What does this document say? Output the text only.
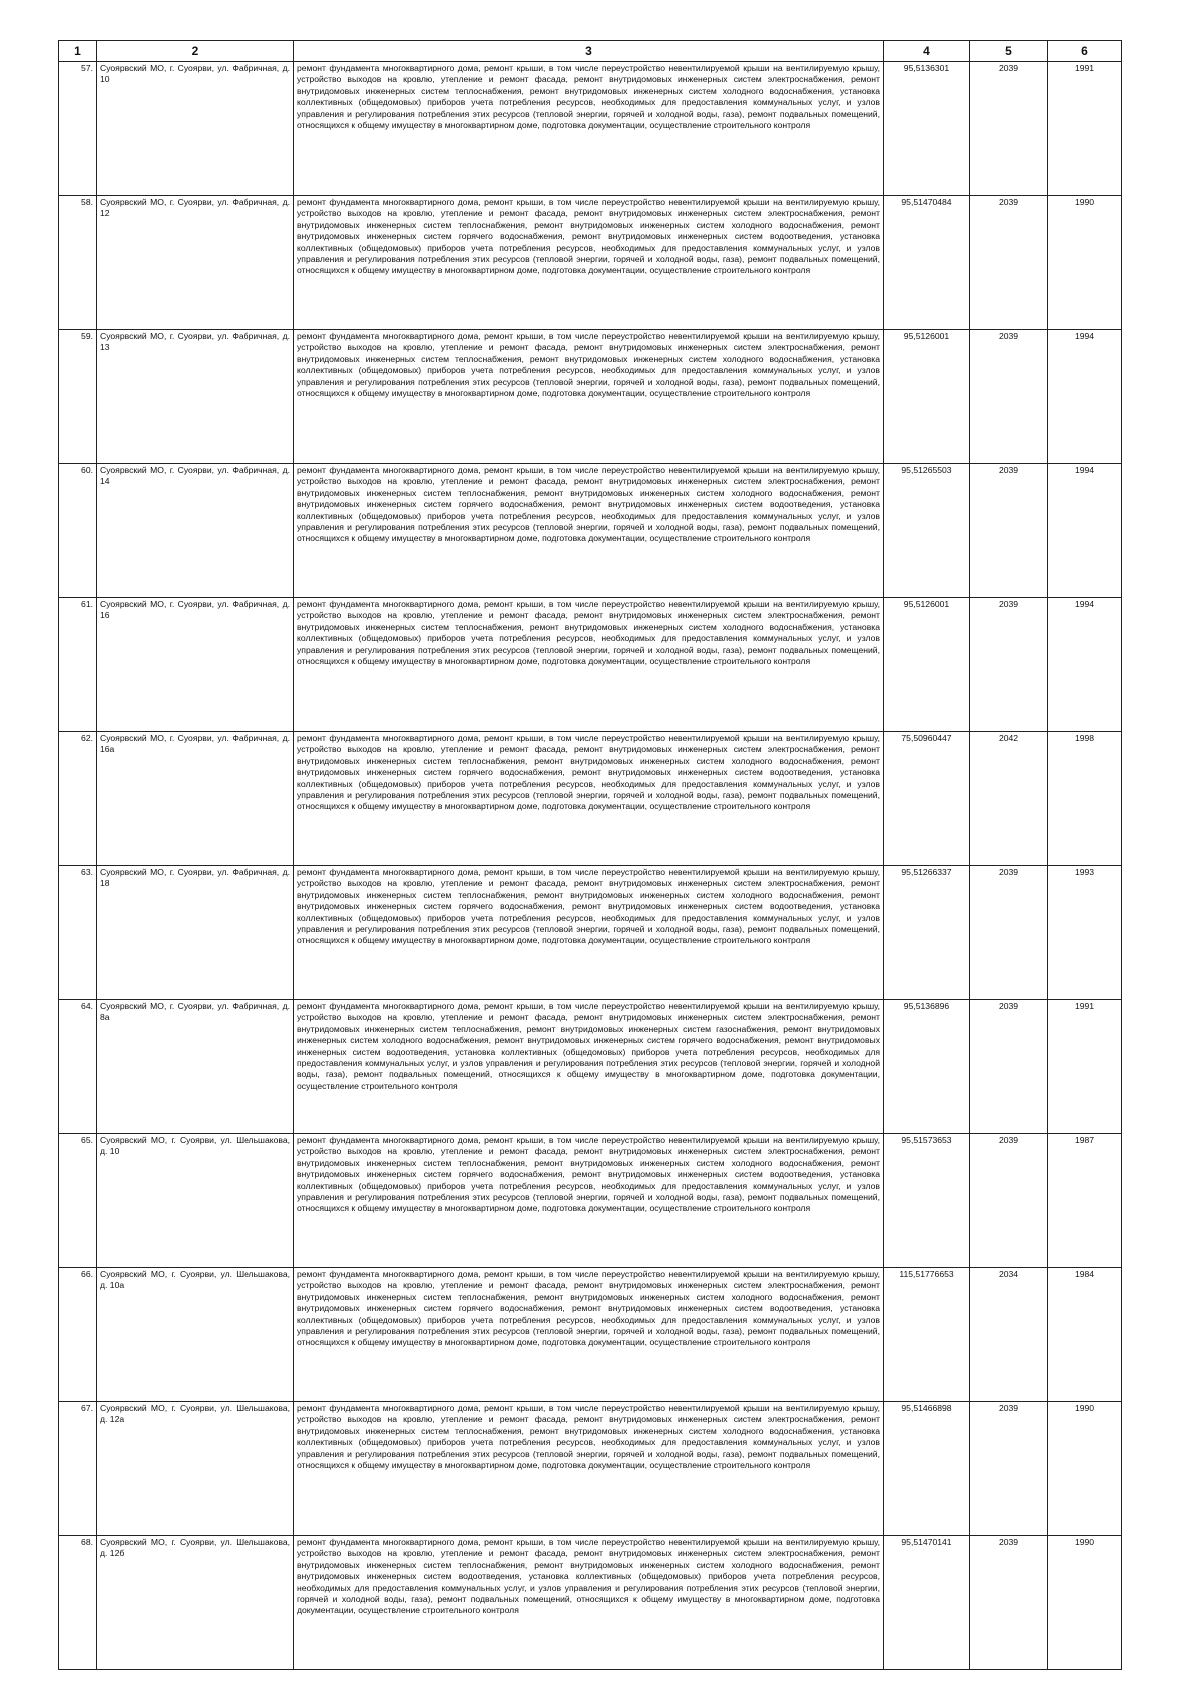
1	2	3	4	5	6
57.	Суоярвский МО, г. Суоярви, ул. Фабричная, д. 10	ремонт фундамента многоквартирного дома, ремонт крыши, в том числе переустройство невентилируемой крыши на вентилируемую крышу, устройство выходов на кровлю, утепление и ремонт фасада, ремонт внутридомовых инженерных систем электроснабжения, ремонт внутридомовых инженерных систем теплоснабжения, ремонт внутридомовых инженерных систем холодного водоснабжения, установка коллективных (общедомовых) приборов учета потребления ресурсов, необходимых для предоставления коммунальных услуг, и узлов управления и регулирования потребления этих ресурсов (тепловой энергии, горячей и холодной воды, газа), ремонт подвальных помещений, относящихся к общему имуществу в многоквартирном доме, подготовка документации, осуществление строительного контроля	95,5136301	2039	1991
58.	Суоярвский МО, г. Суоярви, ул. Фабричная, д. 12	ремонт фундамента многоквартирного дома, ремонт крыши, в том числе переустройство невентилируемой крыши на вентилируемую крышу, устройство выходов на кровлю, утепление и ремонт фасада, ремонт внутридомовых инженерных систем электроснабжения, ремонт внутридомовых инженерных систем теплоснабжения, ремонт внутридомовых инженерных систем холодного водоснабжения, ремонт внутридомовых инженерных систем горячего водоснабжения, ремонт внутридомовых инженерных систем водоотведения, установка коллективных (общедомовых) приборов учета потребления ресурсов, необходимых для предоставления коммунальных услуг, и узлов управления и регулирования потребления этих ресурсов (тепловой энергии, горячей и холодной воды, газа), ремонт подвальных помещений, относящихся к общему имуществу в многоквартирном доме, подготовка документации, осуществление строительного контроля	95,51470484	2039	1990
59.	Суоярвский МО, г. Суоярви, ул. Фабричная, д. 13	ремонт фундамента многоквартирного дома, ремонт крыши, в том числе переустройство невентилируемой крыши на вентилируемую крышу, устройство выходов на кровлю, утепление и ремонт фасада, ремонт внутридомовых инженерных систем электроснабжения, ремонт внутридомовых инженерных систем теплоснабжения, ремонт внутридомовых инженерных систем холодного водоснабжения, установка коллективных (общедомовых) приборов учета потребления ресурсов, необходимых для предоставления коммунальных услуг, и узлов управления и регулирования потребления этих ресурсов (тепловой энергии, горячей и холодной воды, газа), ремонт подвальных помещений, относящихся к общему имуществу в многоквартирном доме, подготовка документации, осуществление строительного контроля	95,5126001	2039	1994
60.	Суоярвский МО, г. Суоярви, ул. Фабричная, д. 14	ремонт фундамента многоквартирного дома, ремонт крыши, в том числе переустройство невентилируемой крыши на вентилируемую крышу, устройство выходов на кровлю, утепление и ремонт фасада, ремонт внутридомовых инженерных систем электроснабжения, ремонт внутридомовых инженерных систем теплоснабжения, ремонт внутридомовых инженерных систем холодного водоснабжения, ремонт внутридомовых инженерных систем горячего водоснабжения, ремонт внутридомовых инженерных систем водоотведения, установка коллективных (общедомовых) приборов учета потребления ресурсов, необходимых для предоставления коммунальных услуг, и узлов управления и регулирования потребления этих ресурсов (тепловой энергии, горячей и холодной воды, газа), ремонт подвальных помещений, относящихся к общему имуществу в многоквартирном доме, подготовка документации, осуществление строительного контроля	95,51265503	2039	1994
61.	Суоярвский МО, г. Суоярви, ул. Фабричная, д. 16	ремонт фундамента многоквартирного дома, ремонт крыши, в том числе переустройство невентилируемой крыши на вентилируемую крышу, устройство выходов на кровлю, утепление и ремонт фасада, ремонт внутридомовых инженерных систем электроснабжения, ремонт внутридомовых инженерных систем теплоснабжения, ремонт внутридомовых инженерных систем холодного водоснабжения, установка коллективных (общедомовых) приборов учета потребления ресурсов, необходимых для предоставления коммунальных услуг, и узлов управления и регулирования потребления этих ресурсов (тепловой энергии, горячей и холодной воды, газа), ремонт подвальных помещений, относящихся к общему имуществу в многоквартирном доме, подготовка документации, осуществление строительного контроля	95,5126001	2039	1994
62.	Суоярвский МО, г. Суоярви, ул. Фабричная, д. 16а	ремонт фундамента многоквартирного дома, ремонт крыши, в том числе переустройство невентилируемой крыши на вентилируемую крышу, устройство выходов на кровлю, утепление и ремонт фасада, ремонт внутридомовых инженерных систем электроснабжения, ремонт внутридомовых инженерных систем теплоснабжения, ремонт внутридомовых инженерных систем холодного водоснабжения, ремонт внутридомовых инженерных систем горячего водоснабжения, ремонт внутридомовых инженерных систем водоотведения, установка коллективных (общедомовых) приборов учета потребления ресурсов, необходимых для предоставления коммунальных услуг, и узлов управления и регулирования потребления этих ресурсов (тепловой энергии, горячей и холодной воды, газа), ремонт подвальных помещений, относящихся к общему имуществу в многоквартирном доме, подготовка документации, осуществление строительного контроля	75,50960447	2042	1998
63.	Суоярвский МО, г. Суоярви, ул. Фабричная, д. 18	ремонт фундамента многоквартирного дома, ремонт крыши, в том числе переустройство невентилируемой крыши на вентилируемую крышу, устройство выходов на кровлю, утепление и ремонт фасада, ремонт внутридомовых инженерных систем электроснабжения, ремонт внутридомовых инженерных систем теплоснабжения, ремонт внутридомовых инженерных систем холодного водоснабжения, ремонт внутридомовых инженерных систем горячего водоснабжения, ремонт внутридомовых инженерных систем водоотведения, установка коллективных (общедомовых) приборов учета потребления ресурсов, необходимых для предоставления коммунальных услуг, и узлов управления и регулирования потребления этих ресурсов (тепловой энергии, горячей и холодной воды, газа), ремонт подвальных помещений, относящихся к общему имуществу в многоквартирном доме, подготовка документации, осуществление строительного контроля	95,51266337	2039	1993
64.	Суоярвский МО, г. Суоярви, ул. Фабричная, д. 8а	ремонт фундамента многоквартирного дома, ремонт крыши, в том числе переустройство невентилируемой крыши на вентилируемую крышу, устройство выходов на кровлю, утепление и ремонт фасада, ремонт внутридомовых инженерных систем электроснабжения, ремонт внутридомовых инженерных систем теплоснабжения, ремонт внутридомовых инженерных систем газоснабжения, ремонт внутридомовых инженерных систем холодного водоснабжения, ремонт внутридомовых инженерных систем горячего водоснабжения, ремонт внутридомовых инженерных систем водоотведения, установка коллективных (общедомовых) приборов учета потребления ресурсов, необходимых для предоставления коммунальных услуг, и узлов управления и регулирования потребления этих ресурсов (тепловой энергии, горячей и холодной воды, газа), ремонт подвальных помещений, относящихся к общему имуществу в многоквартирном доме, подготовка документации, осуществление строительного контроля	95,5136896	2039	1991
65.	Суоярвский МО, г. Суоярви, ул. Шельшакова, д. 10	ремонт фундамента многоквартирного дома, ремонт крыши, в том числе переустройство невентилируемой крыши на вентилируемую крышу, устройство выходов на кровлю, утепление и ремонт фасада, ремонт внутридомовых инженерных систем электроснабжения, ремонт внутридомовых инженерных систем теплоснабжения, ремонт внутридомовых инженерных систем холодного водоснабжения, ремонт внутридомовых инженерных систем горячего водоснабжения, ремонт внутридомовых инженерных систем водоотведения, установка коллективных (общедомовых) приборов учета потребления ресурсов, необходимых для предоставления коммунальных услуг, и узлов управления и регулирования потребления этих ресурсов (тепловой энергии, горячей и холодной воды, газа), ремонт подвальных помещений, относящихся к общему имуществу в многоквартирном доме, подготовка документации, осуществление строительного контроля	95,51573653	2039	1987
66.	Суоярвский МО, г. Суоярви, ул. Шельшакова, д. 10а	ремонт фундамента многоквартирного дома, ремонт крыши, в том числе переустройство невентилируемой крыши на вентилируемую крышу, устройство выходов на кровлю, утепление и ремонт фасада, ремонт внутридомовых инженерных систем электроснабжения, ремонт внутридомовых инженерных систем теплоснабжения, ремонт внутридомовых инженерных систем холодного водоснабжения, ремонт внутридомовых инженерных систем горячего водоснабжения, ремонт внутридомовых инженерных систем водоотведения, установка коллективных (общедомовых) приборов учета потребления ресурсов, необходимых для предоставления коммунальных услуг, и узлов управления и регулирования потребления этих ресурсов (тепловой энергии, горячей и холодной воды, газа), ремонт подвальных помещений, относящихся к общему имуществу в многоквартирном доме, подготовка документации, осуществление строительного контроля	115,51776653	2034	1984
67.	Суоярвский МО, г. Суоярви, ул. Шельшакова, д. 12а	ремонт фундамента многоквартирного дома, ремонт крыши, в том числе переустройство невентилируемой крыши на вентилируемую крышу, устройство выходов на кровлю, утепление и ремонт фасада, ремонт внутридомовых инженерных систем электроснабжения, ремонт внутридомовых инженерных систем теплоснабжения, ремонт внутридомовых инженерных систем холодного водоснабжения, установка коллективных (общедомовых) приборов учета потребления ресурсов, необходимых для предоставления коммунальных услуг, и узлов управления и регулирования потребления этих ресурсов (тепловой энергии, горячей и холодной воды, газа), ремонт подвальных помещений, относящихся к общему имуществу в многоквартирном доме, подготовка документации, осуществление строительного контроля	95,51466898	2039	1990
68.	Суоярвский МО, г. Суоярви, ул. Шельшакова, д. 12б	ремонт фундамента многоквартирного дома, ремонт крыши, в том числе переустройство невентилируемой крыши на вентилируемую крышу, устройство выходов на кровлю, утепление и ремонт фасада, ремонт внутридомовых инженерных систем электроснабжения, ремонт внутридомовых инженерных систем теплоснабжения, ремонт внутридомовых инженерных систем холодного водоснабжения, ремонт внутридомовых инженерных систем водоотведения, установка коллективных (общедомовых) приборов учета потребления ресурсов, необходимых для предоставления коммунальных услуг, и узлов управления и регулирования потребления этих ресурсов (тепловой энергии, горячей и холодной воды, газа), ремонт подвальных помещений, относящихся к общему имуществу в многоквартирном доме, подготовка документации, осуществление строительного контроля	95,51470141	2039	1990
